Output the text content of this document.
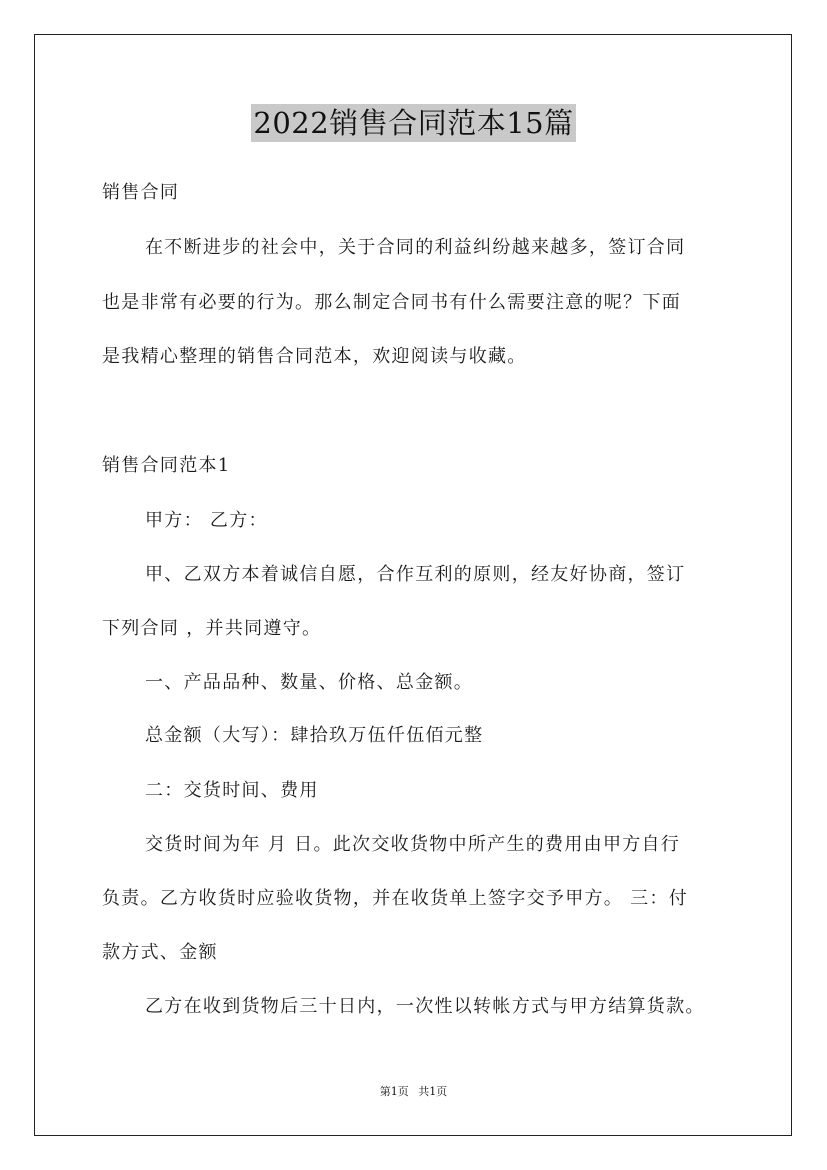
2022销售合同范本15篇
销售合同
在不断进步的社会中，关于合同的利益纠纷越来越多，签订合同
也是非常有必要的行为。那么制定合同书有什么需要注意的呢？下面
是我精心整理的销售合同范本，欢迎阅读与收藏。
销售合同范本1
甲方： 乙方：
甲、乙双方本着诚信自愿，合作互利的原则，经友好协商，签订
下列合同 ，并共同遵守。
一、产品品种、数量、价格、总金额。
总金额（大写）：肆拾玖万伍仟伍佰元整
二：交货时间、费用
交货时间为年 月 日。此次交收货物中所产生的费用由甲方自行
负责。乙方收货时应验收货物，并在收货单上签字交予甲方。 三：付
款方式、金额
乙方在收到货物后三十日内，一次性以转帐方式与甲方结算货款。
第1页 共1页
